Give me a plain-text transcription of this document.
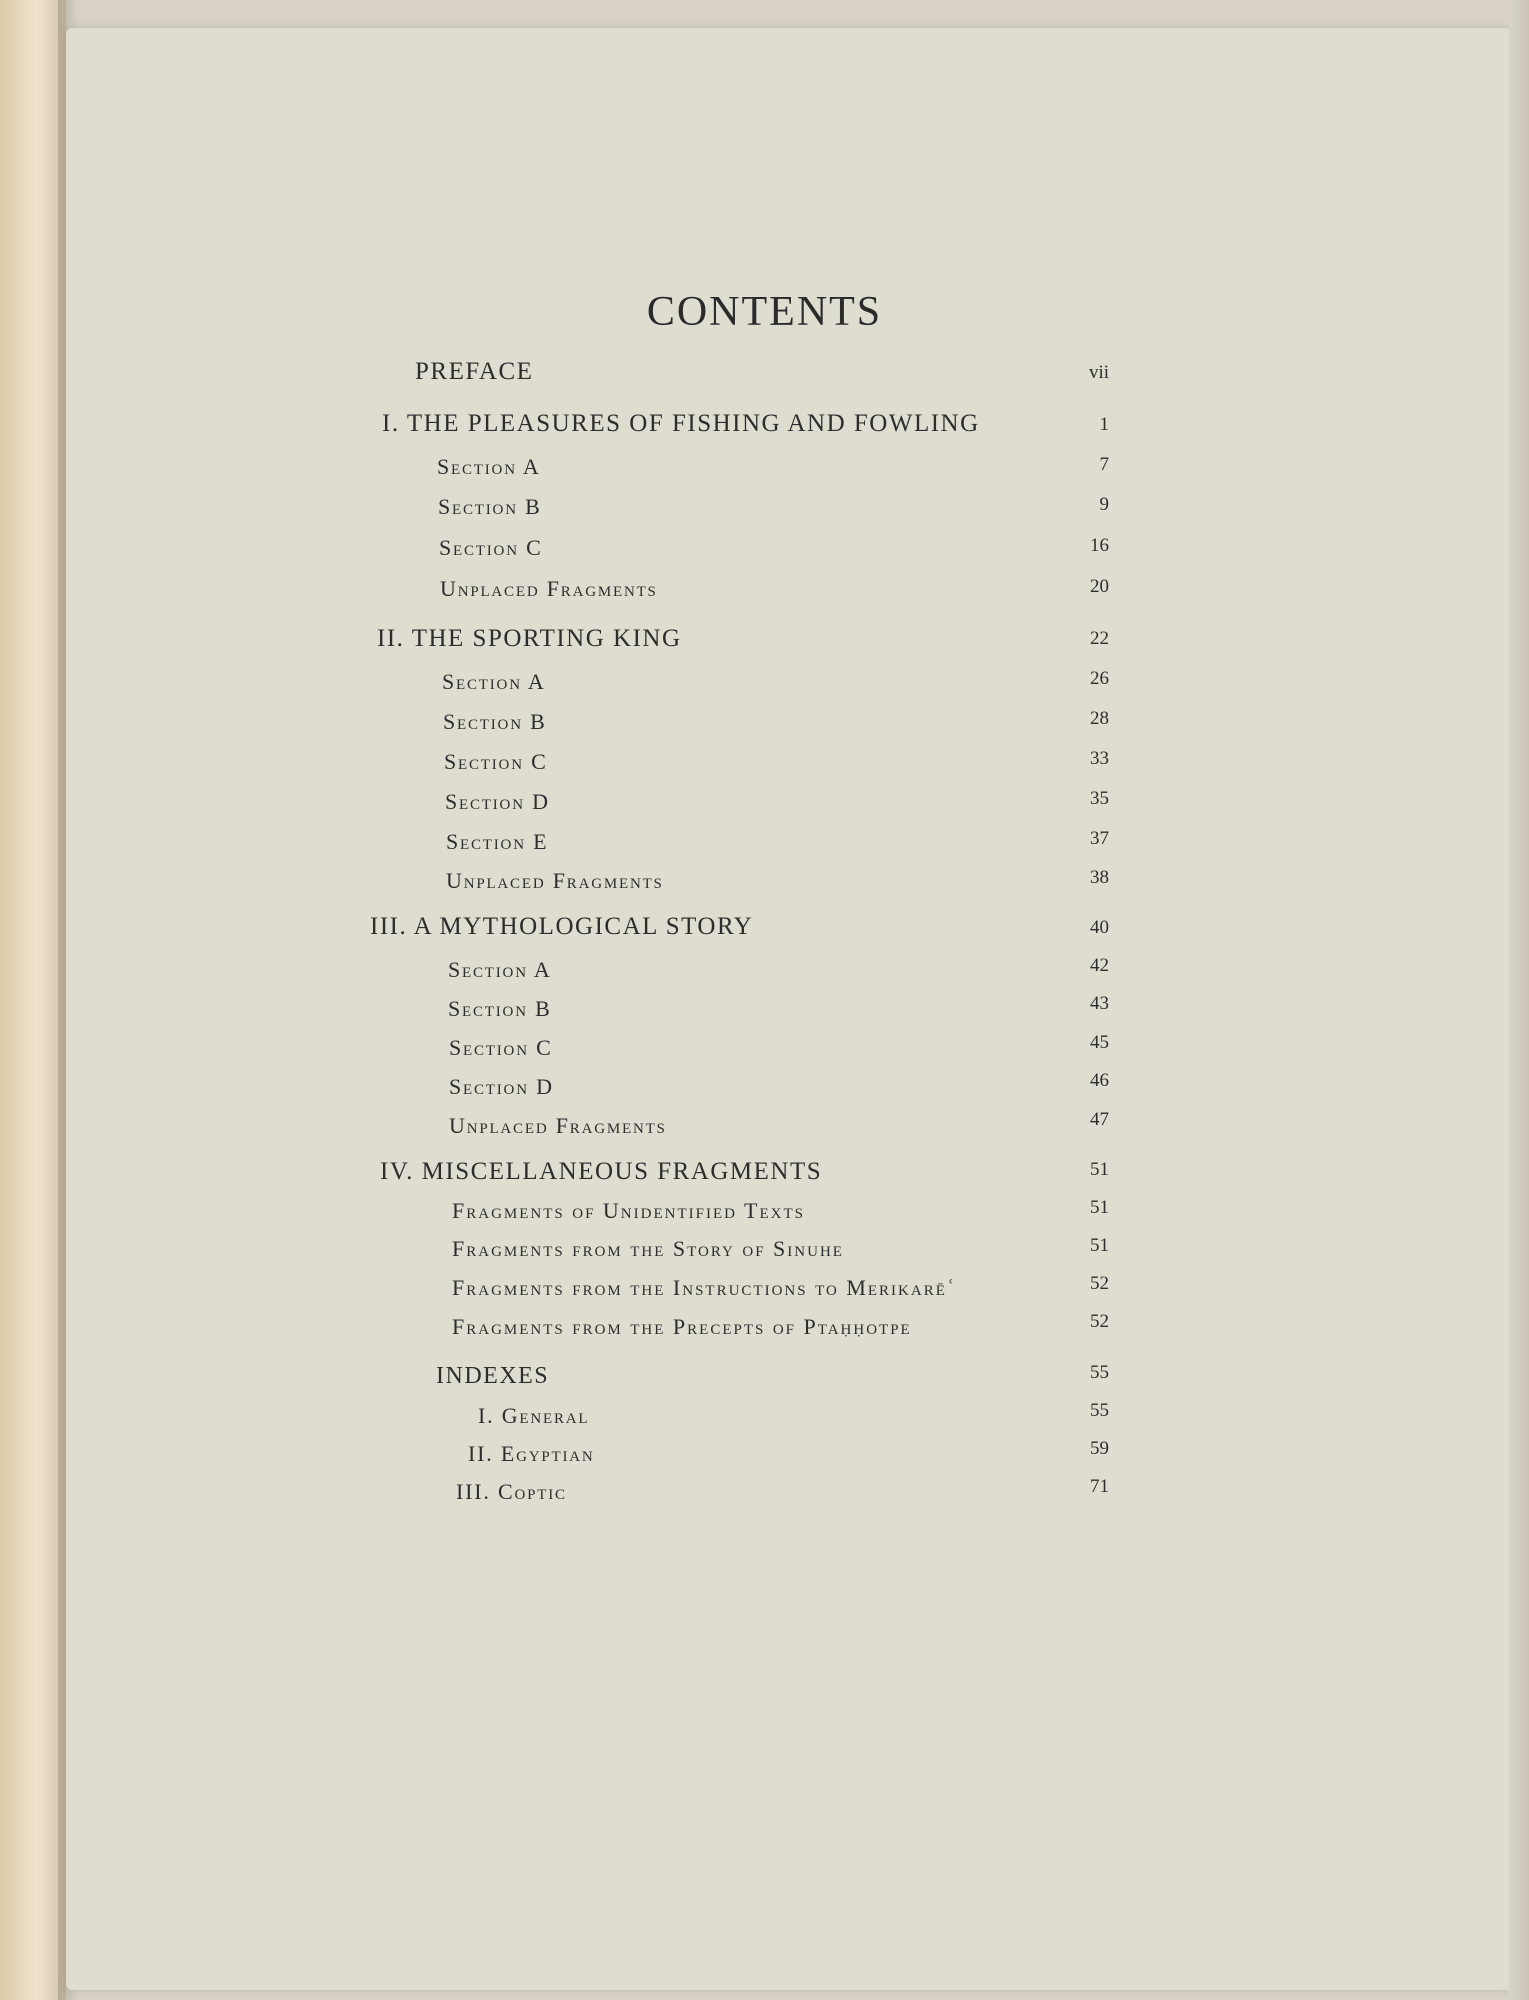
CONTENTS
PREFACE	vii
I. THE PLEASURES OF FISHING AND FOWLING	1
Section A	7
Section B	9
Section C	16
Unplaced Fragments	20
II. THE SPORTING KING	22
Section A	26
Section B	28
Section C	33
Section D	35
Section E	37
Unplaced Fragments	38
III. A MYTHOLOGICAL STORY	40
Section A	42
Section B	43
Section C	45
Section D	46
Unplaced Fragments	47
IV. MISCELLANEOUS FRAGMENTS	51
Fragments of Unidentified Texts	51
Fragments from the Story of Sinuhe	51
Fragments from the Instructions to Merikarēʿ	52
Fragments from the Precepts of Ptaḥḥotpe	52
INDEXES	55
I. General	55
II. Egyptian	59
III. Coptic	71
